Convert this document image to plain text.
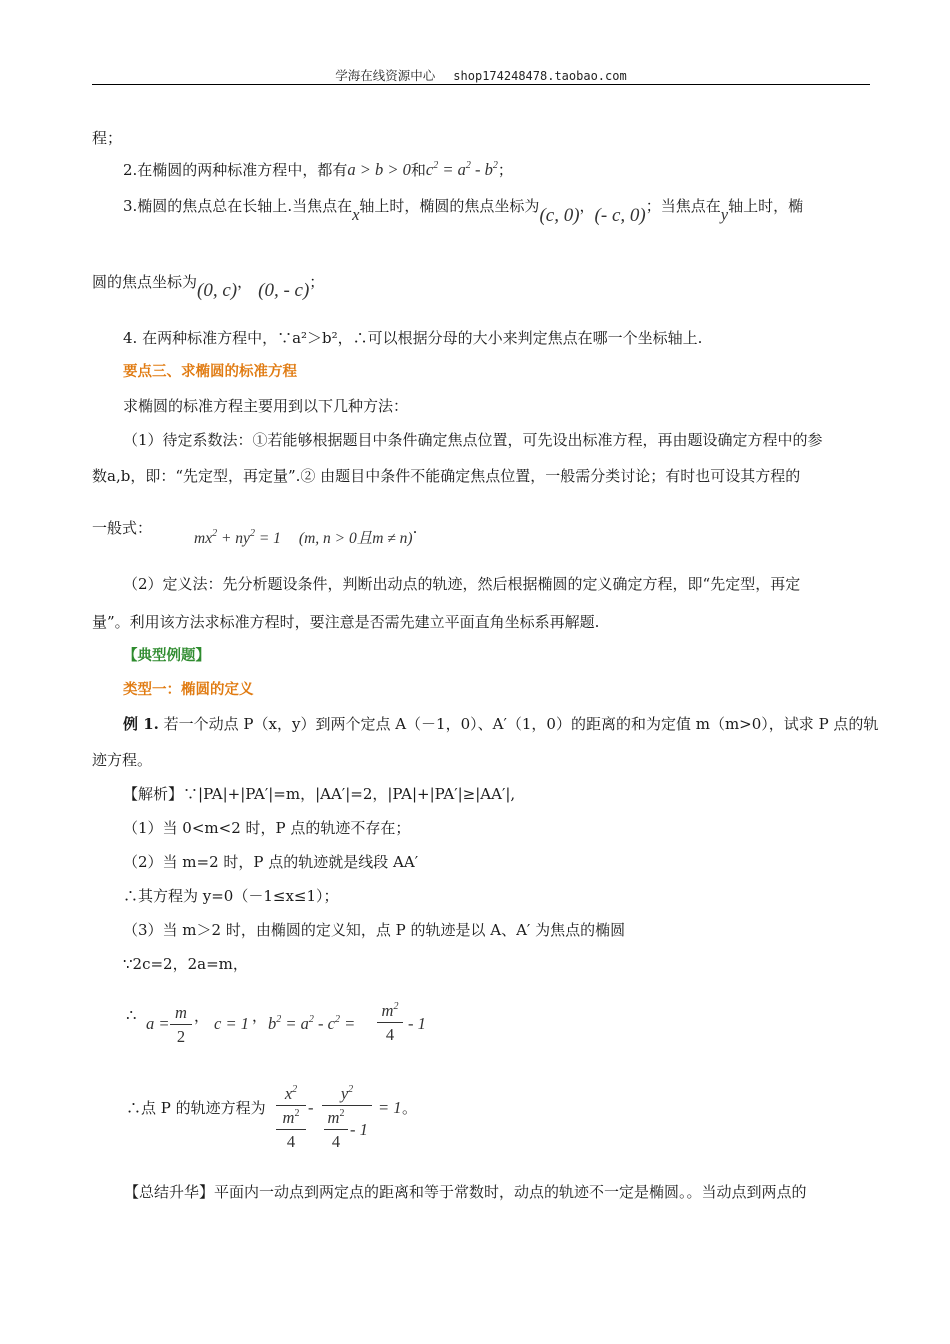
学海在线资源中心 shop174248478.taobao.com
程；
2.在椭圆的两种标准方程中，都有a > b > 0和$c^2 = a^2 - b^2$；
3.椭圆的焦点总在长轴上.当焦点在x轴上时，椭圆的焦点坐标为(c, 0)，(- c, 0)；当焦点在y轴上时，椭
圆的焦点坐标为(0, c)， (0, - c)；
4. 在两种标准方程中，∵a²＞b²，∴可以根据分母的大小来判定焦点在哪一个坐标轴上.
要点三、求椭圆的标准方程
求椭圆的标准方程主要用到以下几种方法：
（1）待定系数法：①若能够根据题目中条件确定焦点位置，可先设出标准方程，再由题设确定方程中的参
数a,b，即：“先定型，再定量”.② 由题目中条件不能确定焦点位置，一般需分类讨论；有时也可设其方程的
一般式：$mx^2 + ny^2 = 1$ (m, n > 0且m ≠ n).
（2）定义法：先分析题设条件，判断出动点的轨迹，然后根据椭圆的定义确定方程，即“先定型，再定
量”。利用该方法求标准方程时，要注意是否需先建立平面直角坐标系再解题.
【典型例题】
类型一：椭圆的定义
例 1. 若一个动点 P（x，y）到两个定点 A（－1，0）、A′（1，0）的距离的和为定值 m（m>0），试求 P 点的轨
迹方程。
【解析】∵|PA|+|PA′|=m，|AA′|=2，|PA|+|PA′|≥|AA′|,
（1）当 0<m<2 时，P 点的轨迹不存在；
（2）当 m=2 时，P 点的轨迹就是线段 AA′
∴其方程为 y=0（－1≤x≤1）；
（3）当 m＞2 时，由椭圆的定义知，点 P 的轨迹是以 A、A′ 为焦点的椭圆
∵2c=2，2a=m，
∴ $a = \frac{m}{2}$ ， c = 1 ， $b^2 = a^2 - c^2 = \frac{m^2}{4} - 1$
∴点 P 的轨迹方程为
$x^2$
$m^2$
4
- $\frac{y^2}{\frac{m^2}{4} - 1} = 1$ 。
【总结升华】平面内一动点到两定点的距离和等于常数时，动点的轨迹不一定是椭圆。。当动点到两点的
